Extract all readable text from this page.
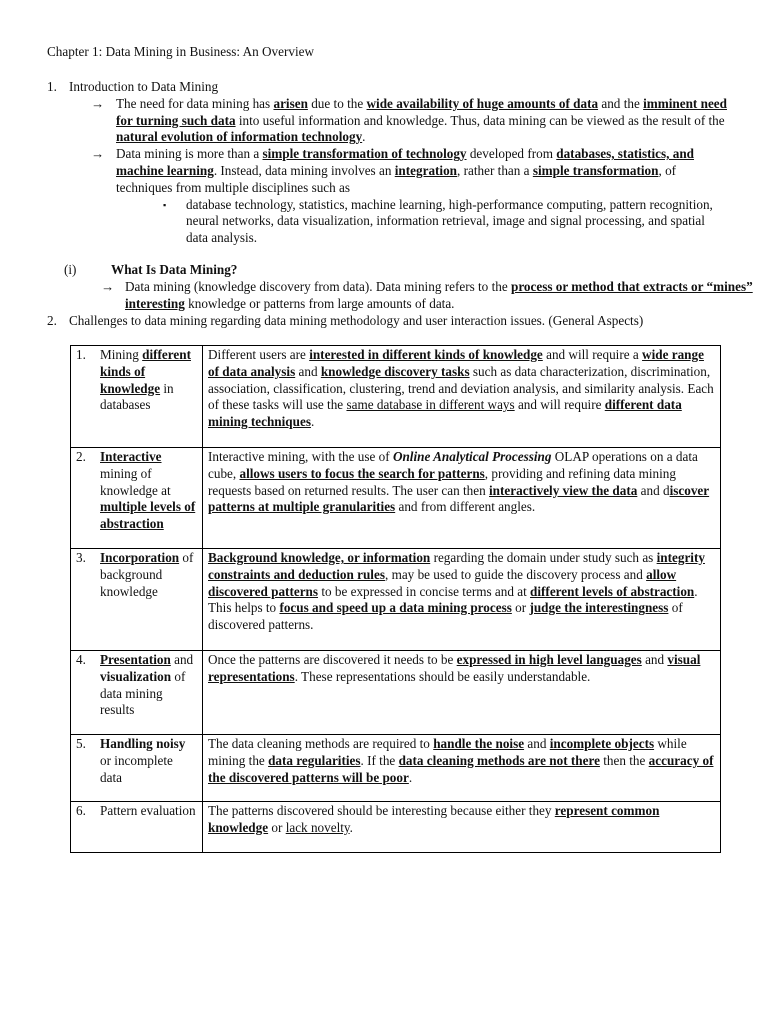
Chapter 1: Data Mining in Business: An Overview
1. Introduction to Data Mining
→ The need for data mining has arisen due to the wide availability of huge amounts of data and the imminent need for turning such data into useful information and knowledge. Thus, data mining can be viewed as the result of the natural evolution of information technology.
→ Data mining is more than a simple transformation of technology developed from databases, statistics, and machine learning. Instead, data mining involves an integration, rather than a simple transformation, of techniques from multiple disciplines such as
▪ database technology, statistics, machine learning, high-performance computing, pattern recognition, neural networks, data visualization, information retrieval, image and signal processing, and spatial data analysis.
(i)	What Is Data Mining?
→ Data mining (knowledge discovery from data). Data mining refers to the process or method that extracts or “mines” interesting knowledge or patterns from large amounts of data.
2. Challenges to data mining regarding data mining methodology and user interaction issues. (General Aspects)
1. Mining different kinds of knowledge in databases	Different users are interested in different kinds of knowledge and will require a wide range of data analysis and knowledge discovery tasks such as data characterization, discrimination, association, classification, clustering, trend and deviation analysis, and similarity analysis. Each of these tasks will use the same database in different ways and will require different data mining techniques.

2. Interactive mining of knowledge at multiple levels of abstraction	Interactive mining, with the use of Online Analytical Processing OLAP operations on a data cube, allows users to focus the search for patterns, providing and refining data mining requests based on returned results. The user can then interactively view the data and discover patterns at multiple granularities and from different angles.

3. Incorporation of background knowledge	Background knowledge, or information regarding the domain under study such as integrity constraints and deduction rules, may be used to guide the discovery process and allow discovered patterns to be expressed in concise terms and at different levels of abstraction. This helps to focus and speed up a data mining process or judge the interestingness of discovered patterns.

4. Presentation and visualization of data mining results	Once the patterns are discovered it needs to be expressed in high level languages and visual representations. These representations should be easily understandable.

5. Handling noisy or incomplete data	The data cleaning methods are required to handle the noise and incomplete objects while mining the data regularities. If the data cleaning methods are not there then the accuracy of the discovered patterns will be poor.

6. Pattern evaluation	The patterns discovered should be interesting because either they represent common knowledge or lack novelty.
